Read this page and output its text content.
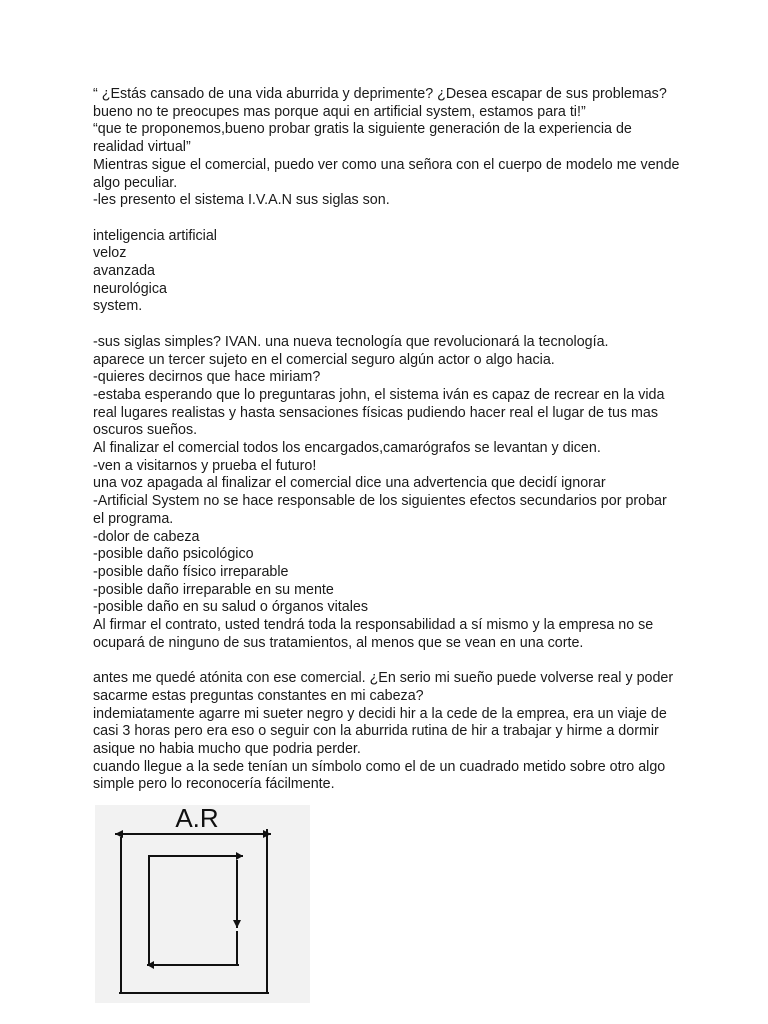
“ ¿Estás cansado de una vida aburrida y deprimente? ¿Desea escapar de sus problemas?
bueno no te preocupes mas porque aqui en artificial system, estamos para ti!”
“que te proponemos,bueno probar gratis la siguiente generación de la experiencia de
realidad virtual”
Mientras sigue el comercial, puedo ver como una señora con el cuerpo de modelo me vende
algo peculiar.
-les presento el sistema I.V.A.N sus siglas son.
inteligencia artificial
veloz
avanzada
neurológica
system.
-sus siglas simples? IVAN. una nueva tecnología que revolucionará la tecnología.
aparece un tercer sujeto en el comercial seguro algún actor o algo hacia.
-quieres decirnos que hace miriam?
-estaba esperando que lo preguntaras john, el sistema iván es capaz de recrear en la vida
real lugares realistas y hasta sensaciones físicas pudiendo hacer real el lugar de tus mas
oscuros sueños.
Al finalizar el comercial todos los encargados,camarógrafos se levantan y dicen.
-ven a visitarnos y prueba el futuro!
una voz apagada al finalizar el comercial dice una advertencia que decidí ignorar
-Artificial System no se hace responsable de los siguientes efectos secundarios por probar
el programa.
-dolor de cabeza
-posible daño psicológico
-posible daño físico irreparable
-posible daño irreparable en su mente
-posible daño en su salud o órganos vitales
Al firmar el contrato, usted tendrá toda la responsabilidad a sí mismo y la empresa no se
ocupará de ninguno de sus tratamientos, al menos que se vean en una corte.
antes me quedé atónita con ese comercial. ¿En serio mi sueño puede volverse real y poder
sacarme estas preguntas constantes en mi cabeza?
indemiatamente agarre mi sueter negro y decidi hir a la cede de la emprea, era un viaje de
casi 3 horas pero era eso o seguir con la aburrida rutina de hir a trabajar y hirme a dormir
asique no habia mucho que podria perder.
cuando llegue a la sede tenían un símbolo como el de un cuadrado metido sobre otro algo
simple pero lo reconocería fácilmente.
A.R
